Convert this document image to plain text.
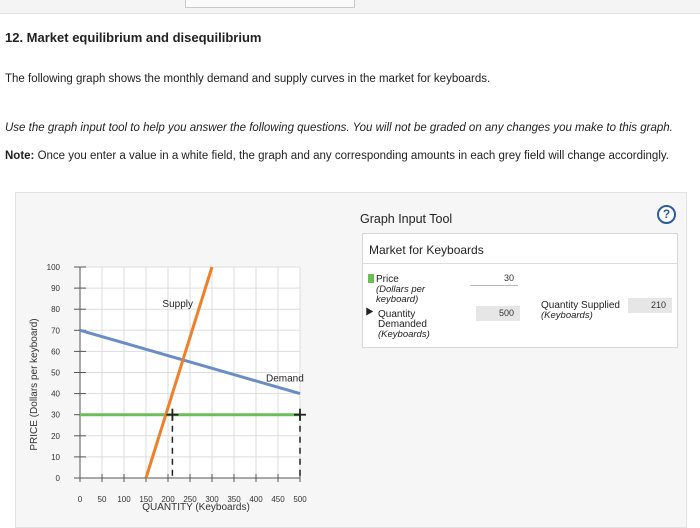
12. Market equilibrium and disequilibrium
The following graph shows the monthly demand and supply curves in the market for keyboards.
Use the graph input tool to help you answer the following questions. You will not be graded on any changes you make to this graph.
Note: Once you enter a value in a white field, the graph and any corresponding amounts in each grey field will change accordingly.
0
10
20
30
40
50
60
70
80
90
100
0 50 100 150 200 250 300 350 400 450 500
QUANTITY (Keyboards)
PRICE (Dollars per keyboard)
Supply
Demand
Graph Input Tool	?
Market for Keyboards
Price
(Dollars per
keyboard)
30
Quantity
Demanded
(Keyboards)
500
Quantity Supplied
(Keyboards)
210
